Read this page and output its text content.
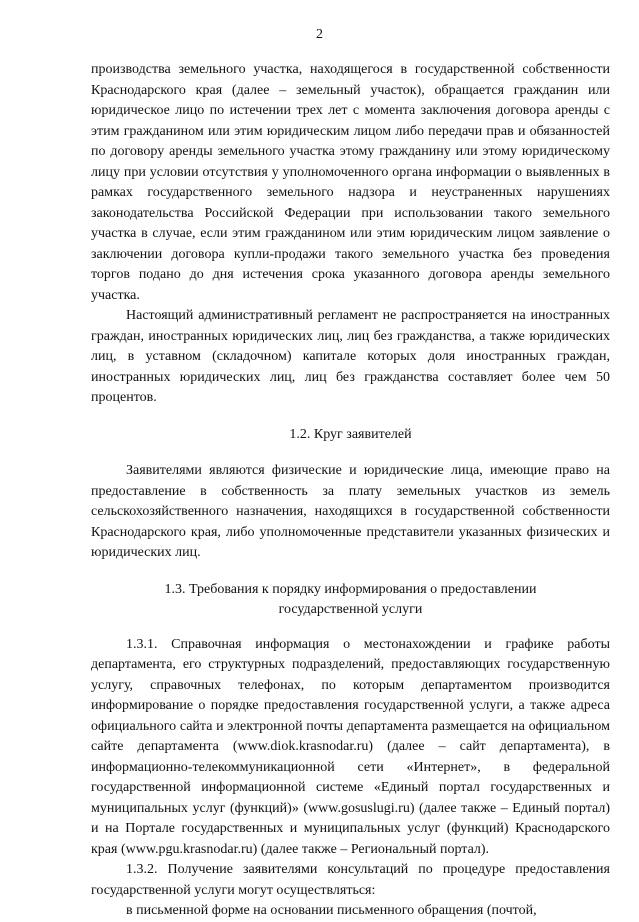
2

производства земельного участка, находящегося в государственной собственности Краснодарского края (далее – земельный участок), обращается гражданин или юридическое лицо по истечении трех лет с момента заключения договора аренды с этим гражданином или этим юридическим лицом либо передачи прав и обязанностей по договору аренды земельного участка этому гражданину или этому юридическому лицу при условии отсутствия у уполномоченного органа информации о выявленных в рамках государственного земельного надзора и неустраненных нарушениях законодательства Российской Федерации при использовании такого земельного участка в случае, если этим гражданином или этим юридическим лицом заявление о заключении договора купли-продажи такого земельного участка без проведения торгов подано до дня истечения срока указанного договора аренды земельного участка.

Настоящий административный регламент не распространяется на иностранных граждан, иностранных юридических лиц, лиц без гражданства, а также юридических лиц, в уставном (складочном) капитале которых доля иностранных граждан, иностранных юридических лиц, лиц без гражданства составляет более чем 50 процентов.

1.2. Круг заявителей

Заявителями являются физические и юридические лица, имеющие право на предоставление в собственность за плату земельных участков из земель сельскохозяйственного назначения, находящихся в государственной собственности Краснодарского края, либо уполномоченные представители указанных физических и юридических лиц.

1.3. Требования к порядку информирования о предоставлении

государственной услуги

1.3.1. Справочная информация о местонахождении и графике работы департамента, его структурных подразделений, предоставляющих государственную услугу, справочных телефонах, по которым департаментом производится информирование о порядке предоставления государственной услуги, а также адреса официального сайта и электронной почты департамента размещается на официальном сайте департамента (www.diok.krasnodar.ru) (далее – сайт департамента), в информационно-телекоммуникационной сети «Интернет», в федеральной государственной информационной системе «Единый портал государственных и муниципальных услуг (функций)» (www.gosuslugi.ru) (далее также – Единый портал) и на Портале государственных и муниципальных услуг (функций) Краснодарского края (www.pgu.krasnodar.ru) (далее также – Региональный портал).

1.3.2. Получение заявителями консультаций по процедуре предоставления государственной услуги могут осуществляться:

в письменной форме на основании письменного обращения (почтой,
